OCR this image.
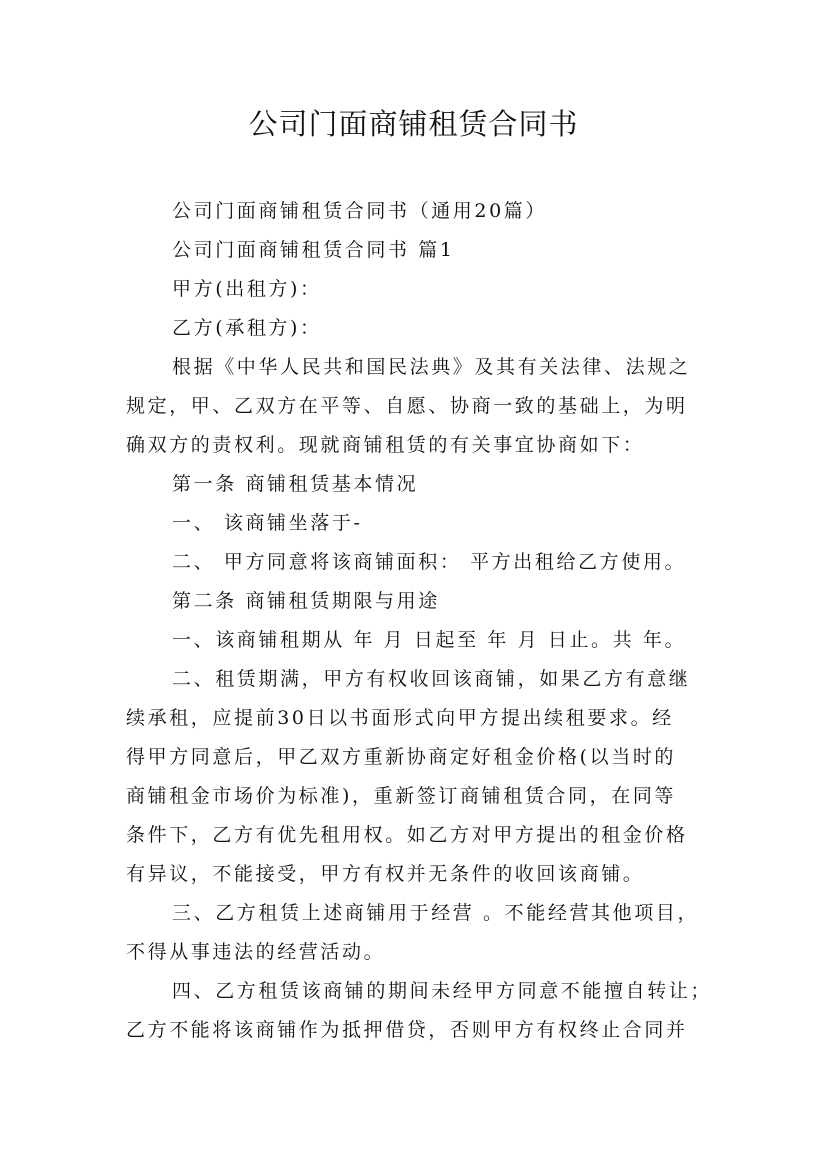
公司门面商铺租赁合同书

公司门面商铺租赁合同书（通用20篇）

公司门面商铺租赁合同书 篇1

甲方(出租方)：

乙方(承租方)：

根据《中华人民共和国民法典》及其有关法律、法规之

规定，甲、乙双方在平等、自愿、协商一致的基础上，为明

确双方的责权利。现就商铺租赁的有关事宜协商如下：

第一条 商铺租赁基本情况

一、 该商铺坐落于-

二、 甲方同意将该商铺面积： 平方出租给乙方使用。

第二条 商铺租赁期限与用途

一、该商铺租期从 年 月 日起至 年 月 日止。共 年。

二、租赁期满，甲方有权收回该商铺，如果乙方有意继

续承租，应提前30日以书面形式向甲方提出续租要求。经

得甲方同意后，甲乙双方重新协商定好租金价格(以当时的

商铺租金市场价为标准)，重新签订商铺租赁合同，在同等

条件下，乙方有优先租用权。如乙方对甲方提出的租金价格

有异议，不能接受，甲方有权并无条件的收回该商铺。

三、乙方租赁上述商铺用于经营 。不能经营其他项目，

不得从事违法的经营活动。

四、乙方租赁该商铺的期间未经甲方同意不能擅自转让；

乙方不能将该商铺作为抵押借贷，否则甲方有权终止合同并
